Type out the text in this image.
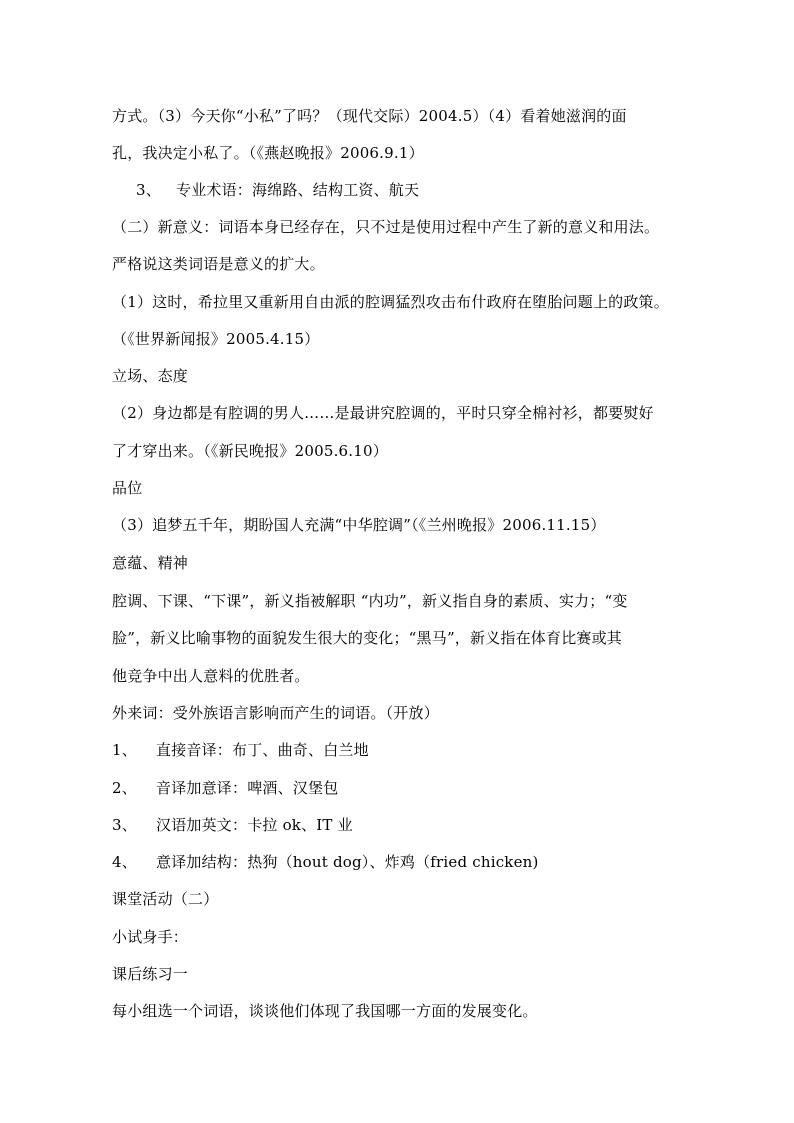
方式。（3）今天你“小私”了吗？（现代交际）2004.5）（4）看着她滋润的面
孔，我决定小私了。（《燕赵晚报》2006.9.1）
3、 专业术语：海绵路、结构工资、航天
（二）新意义：词语本身已经存在，只不过是使用过程中产生了新的意义和用法。
严格说这类词语是意义的扩大。
（1）这时，希拉里又重新用自由派的腔调猛烈攻击布什政府在堕胎问题上的政策。
（《世界新闻报》2005.4.15）
立场、态度
（2）身边都是有腔调的男人……是最讲究腔调的，平时只穿全棉衬衫，都要熨好
了才穿出来。（《新民晚报》2005.6.10）
品位
（3）追梦五千年，期盼国人充满“中华腔调”（《兰州晚报》2006.11.15）
意蕴、精神
腔调、下课、“下课”，新义指被解职 “内功”，新义指自身的素质、实力；“变
脸”，新义比喻事物的面貌发生很大的变化；“黑马”，新义指在体育比赛或其
他竞争中出人意料的优胜者。
外来词：受外族语言影响而产生的词语。（开放）
1、 直接音译：布丁、曲奇、白兰地
2、 音译加意译：啤酒、汉堡包
3、 汉语加英文：卡拉 ok、IT 业
4、 意译加结构：热狗（hout dog）、炸鸡（fried chicken)
课堂活动（二）
小试身手：
课后练习一
每小组选一个词语，谈谈他们体现了我国哪一方面的发展变化。
